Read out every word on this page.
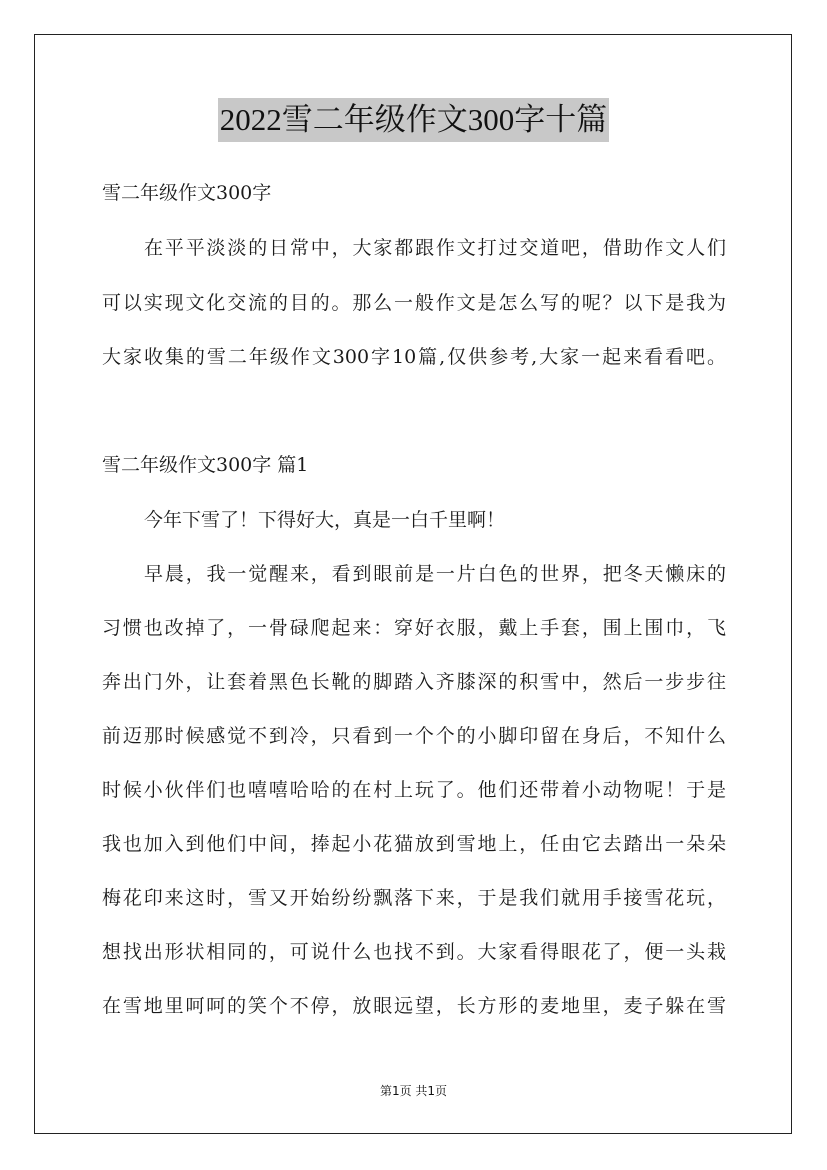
2022雪二年级作文300字十篇
雪二年级作文300字
在平平淡淡的日常中，大家都跟作文打过交道吧，借助作文人们
可以实现文化交流的目的。那么一般作文是怎么写的呢？以下是我为
大家收集的雪二年级作文300字10篇,仅供参考,大家一起来看看吧。
雪二年级作文300字 篇1
今年下雪了！下得好大，真是一白千里啊！
早晨，我一觉醒来，看到眼前是一片白色的世界，把冬天懒床的
习惯也改掉了，一骨碌爬起来：穿好衣服，戴上手套，围上围巾，飞
奔出门外，让套着黑色长靴的脚踏入齐膝深的积雪中，然后一步步往
前迈那时候感觉不到冷，只看到一个个的小脚印留在身后，不知什么
时候小伙伴们也嘻嘻哈哈的在村上玩了。他们还带着小动物呢！于是
我也加入到他们中间，捧起小花猫放到雪地上，任由它去踏出一朵朵
梅花印来这时，雪又开始纷纷飘落下来，于是我们就用手接雪花玩，
想找出形状相同的，可说什么也找不到。大家看得眼花了，便一头栽
在雪地里呵呵的笑个不停，放眼远望，长方形的麦地里，麦子躲在雪
第1页 共1页
